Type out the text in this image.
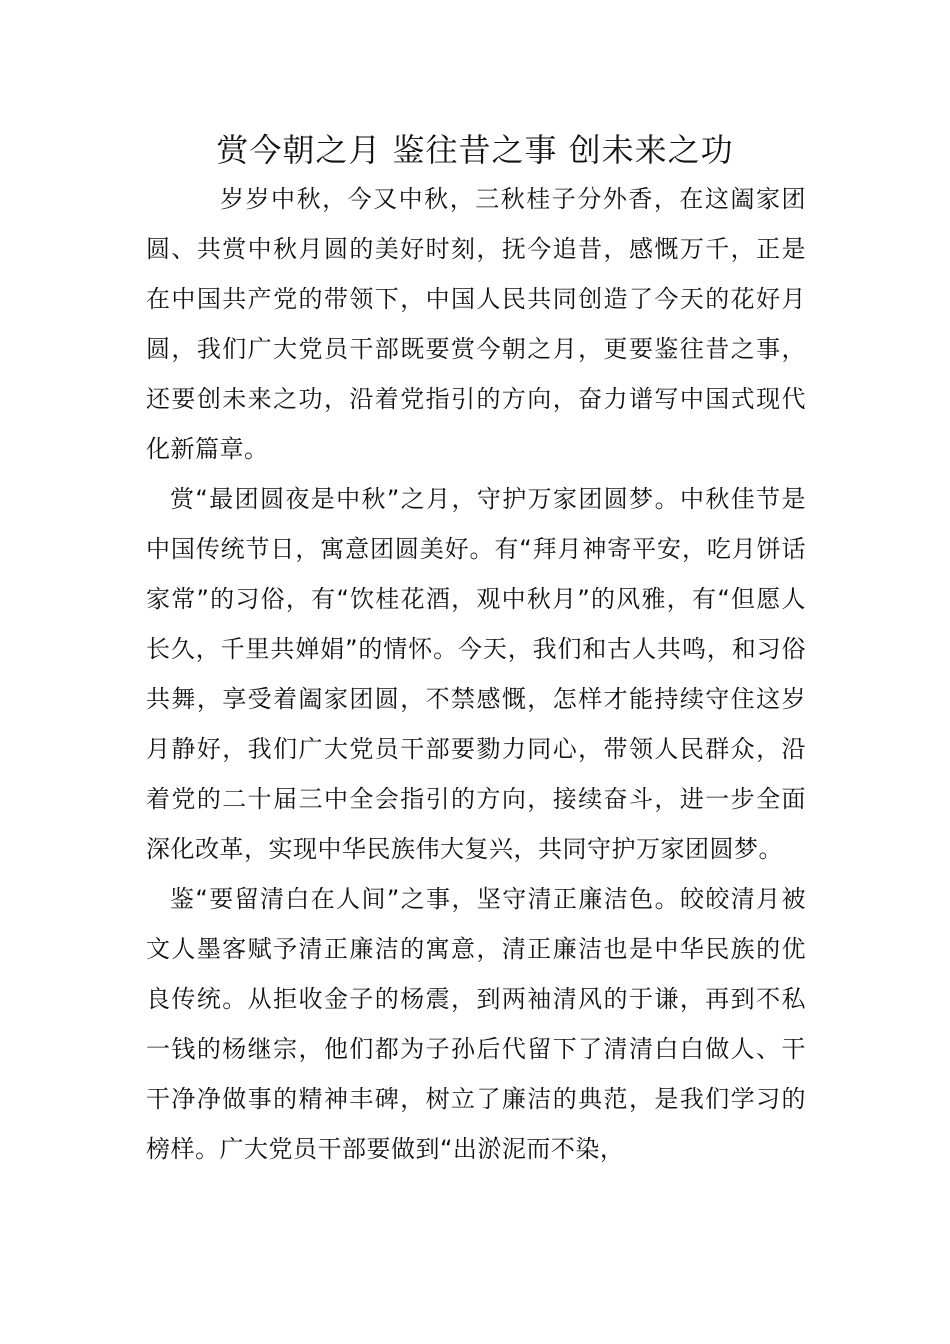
赏今朝之月 鉴往昔之事 创未来之功

岁岁中秋，今又中秋，三秋桂子分外香，在这阖家团圆、共赏中秋月圆的美好时刻，抚今追昔，感慨万千，正是在中国共产党的带领下，中国人民共同创造了今天的花好月圆，我们广大党员干部既要赏今朝之月，更要鉴往昔之事，还要创未来之功，沿着党指引的方向，奋力谱写中国式现代化新篇章。

赏“最团圆夜是中秋”之月，守护万家团圆梦。中秋佳节是中国传统节日，寓意团圆美好。有“拜月神寄平安，吃月饼话家常”的习俗，有“饮桂花酒，观中秋月”的风雅，有“但愿人长久，千里共婵娟”的情怀。今天，我们和古人共鸣，和习俗共舞，享受着阖家团圆，不禁感慨，怎样才能持续守住这岁月静好，我们广大党员干部要勠力同心，带领人民群众，沿着党的二十届三中全会指引的方向，接续奋斗，进一步全面深化改革，实现中华民族伟大复兴，共同守护万家团圆梦。

鉴“要留清白在人间”之事，坚守清正廉洁色。皎皎清月被文人墨客赋予清正廉洁的寓意，清正廉洁也是中华民族的优良传统。从拒收金子的杨震，到两袖清风的于谦，再到不私一钱的杨继宗，他们都为子孙后代留下了清清白白做人、干干净净做事的精神丰碑，树立了廉洁的典范，是我们学习的榜样。广大党员干部要做到“出淤泥而不染，
